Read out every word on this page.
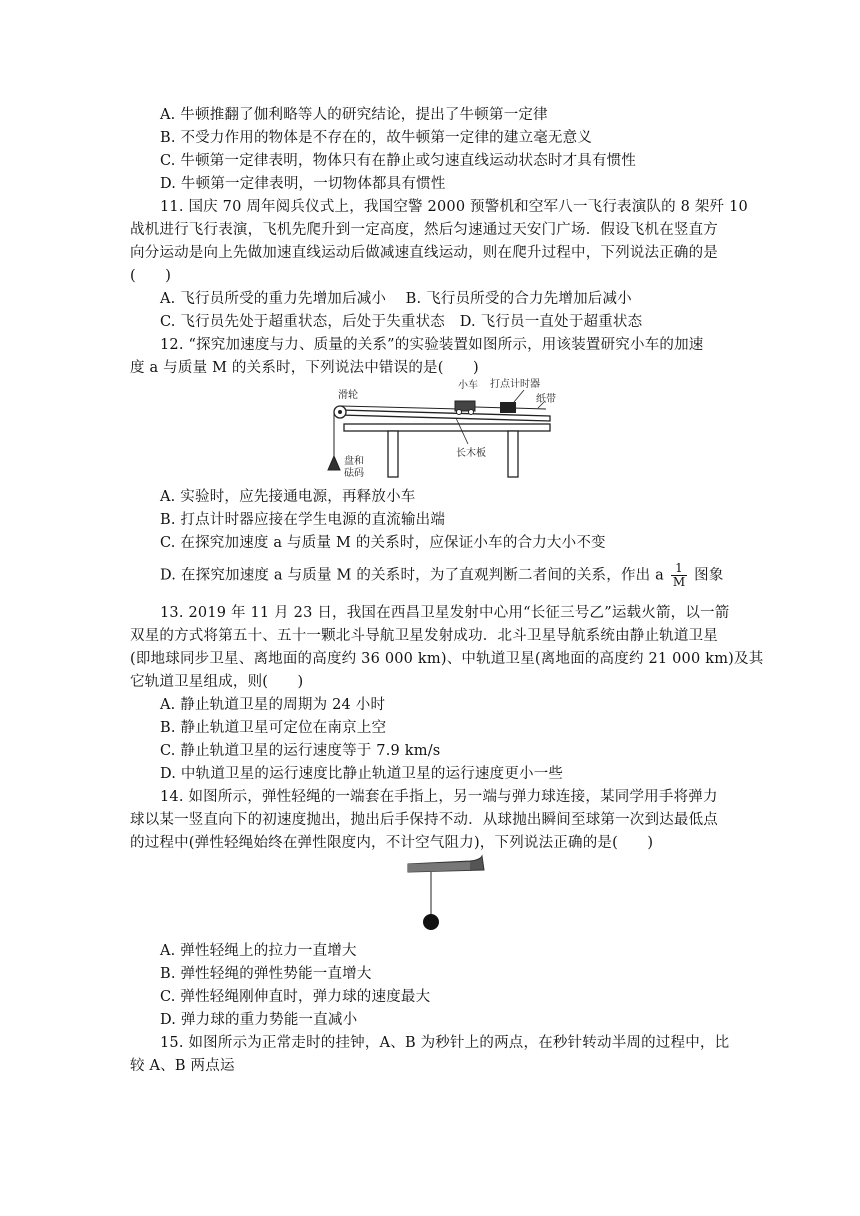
A. 牛顿推翻了伽利略等人的研究结论，提出了牛顿第一定律
B. 不受力作用的物体是不存在的，故牛顿第一定律的建立毫无意义
C. 牛顿第一定律表明，物体只有在静止或匀速直线运动状态时才具有惯性
D. 牛顿第一定律表明，一切物体都具有惯性
11. 国庆 70 周年阅兵仪式上，我国空警 2000 预警机和空军八一飞行表演队的 8 架歼 10
战机进行飞行表演，飞机先爬升到一定高度，然后匀速通过天安门广场．假设飞机在竖直方
向分运动是向上先做加速直线运动后做减速直线运动，则在爬升过程中，下列说法正确的是
(　　)
A. 飞行员所受的重力先增加后减小　 B. 飞行员所受的合力先增加后减小
C. 飞行员先处于超重状态，后处于失重状态　D. 飞行员一直处于超重状态
12. “探究加速度与力、质量的关系”的实验装置如图所示，用该装置研究小车的加速
度 a 与质量 M 的关系时，下列说法中错误的是(　　)
滑轮
小车 打点计时器
纸带
长木板
盘和
砝码
A. 实验时，应先接通电源，再释放小车
B. 打点计时器应接在学生电源的直流输出端
C. 在探究加速度 a 与质量 M 的关系时，应保证小车的合力大小不变
D. 在探究加速度 a 与质量 M 的关系时，为了直观判断二者间的关系，作出 a $\frac{1}{M}$ 图象
13. 2019 年 11 月 23 日，我国在西昌卫星发射中心用“长征三号乙”运载火箭，以一箭
双星的方式将第五十、五十一颗北斗导航卫星发射成功．北斗卫星导航系统由静止轨道卫星
(即地球同步卫星、离地面的高度约 36 000 km)、中轨道卫星(离地面的高度约 21 000 km)及其
它轨道卫星组成，则(　　)
A. 静止轨道卫星的周期为 24 小时
B. 静止轨道卫星可定位在南京上空
C. 静止轨道卫星的运行速度等于 7.9 km/s
D. 中轨道卫星的运行速度比静止轨道卫星的运行速度更小一些
14. 如图所示，弹性轻绳的一端套在手指上，另一端与弹力球连接，某同学用手将弹力
球以某一竖直向下的初速度抛出，抛出后手保持不动．从球抛出瞬间至球第一次到达最低点
的过程中(弹性轻绳始终在弹性限度内，不计空气阻力)，下列说法正确的是(　　)
A. 弹性轻绳上的拉力一直增大
B. 弹性轻绳的弹性势能一直增大
C. 弹性轻绳刚伸直时，弹力球的速度最大
D. 弹力球的重力势能一直减小
15. 如图所示为正常走时的挂钟，A、B 为秒针上的两点，在秒针转动半周的过程中，比
较 A、B 两点运
